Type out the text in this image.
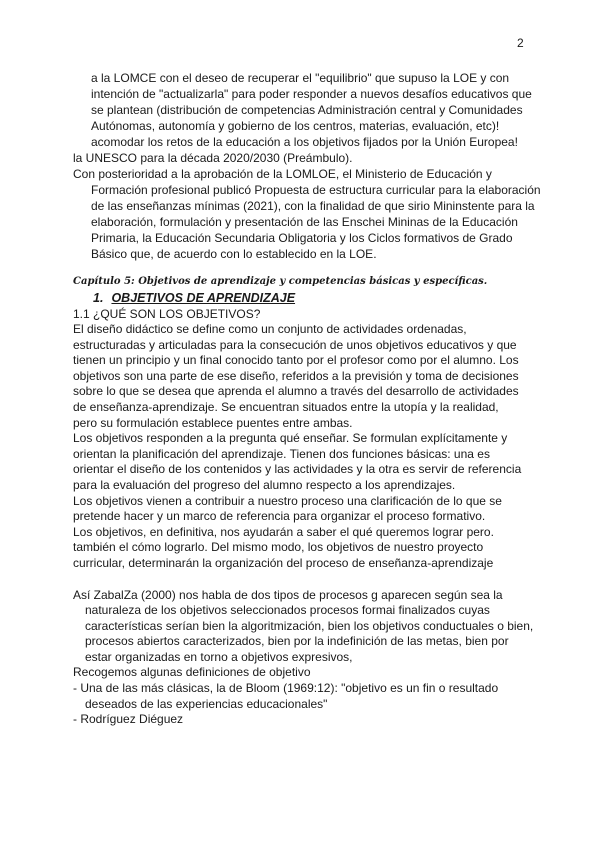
2
a la LOMCE con el deseo de recuperar el "equilibrio" que supuso la LOE y con
intención de "actualizarla" para poder responder a nuevos desafíos educativos que
se plantean (distribución de competencias Administración central y Comunidades
Autónomas, autonomía y gobierno de los centros, materias, evaluación, etc)!
acomodar los retos de la educación a los objetivos fijados por la Unión Europea!
la UNESCO para la década 2020/2030 (Preámbulo).
Con posterioridad a la aprobación de la LOMLOE, el Ministerio de Educación y
Formación profesional publicó Propuesta de estructura curricular para la elaboración
de las enseñanzas mínimas (2021), con la finalidad de que sirio Mininstente para la
elaboración, formulación y presentación de las Enschei Mininas de la Educación
Primaria, la Educación Secundaria Obligatoria y los Ciclos formativos de Grado
Básico que, de acuerdo con lo establecido en la LOE.
Capítulo 5: Objetivos de aprendizaje y competencias básicas y específicas.
1. OBJETIVOS DE APRENDIZAJE
1.1 ¿QUÉ SON LOS OBJETIVOS?
El diseño didáctico se define como un conjunto de actividades ordenadas,
estructuradas y articuladas para la consecución de unos objetivos educativos y que
tienen un principio y un final conocido tanto por el profesor como por el alumno. Los
objetivos son una parte de ese diseño, referidos a la previsión y toma de decisiones
sobre lo que se desea que aprenda el alumno a través del desarrollo de actividades
de enseñanza-aprendizaje. Se encuentran situados entre la utopía y la realidad,
pero su formulación establece puentes entre ambas.
Los objetivos responden a la pregunta qué enseñar. Se formulan explícitamente y
orientan la planificación del aprendizaje. Tienen dos funciones básicas: una es
orientar el diseño de los contenidos y las actividades y la otra es servir de referencia
para la evaluación del progreso del alumno respecto a los aprendizajes.
Los objetivos vienen a contribuir a nuestro proceso una clarificación de lo que se
pretende hacer y un marco de referencia para organizar el proceso formativo.
Los objetivos, en definitiva, nos ayudarán a saber el qué queremos lograr pero.
también el cómo lograrlo. Del mismo modo, los objetivos de nuestro proyecto
curricular, determinarán la organización del proceso de enseñanza-aprendizaje
Así ZabalZa (2000) nos habla de dos tipos de procesos g aparecen según sea la
naturaleza de los objetivos seleccionados procesos formai finalizados cuyas
características serían bien la algoritmización, bien los objetivos conductuales o bien,
procesos abiertos caracterizados, bien por la indefinición de las metas, bien por
estar organizadas en torno a objetivos expresivos,
Recogemos algunas definiciones de objetivo
- Una de las más clásicas, la de Bloom (1969:12): "objetivo es un fin o resultado
deseados de las experiencias educacionales"
- Rodríguez Diéguez
